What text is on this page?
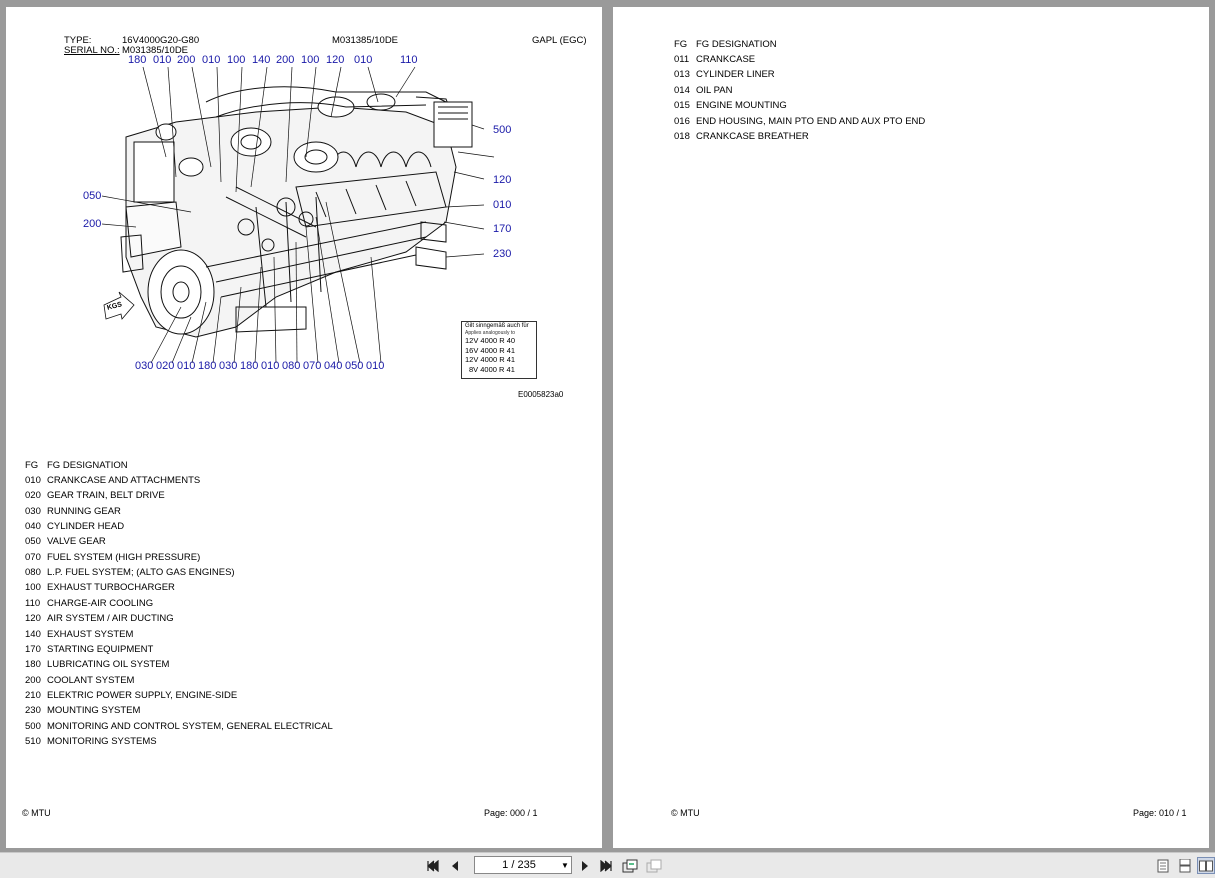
TYPE:	16V4000G20-G80	M031385/10DE	GAPL (EGC)
SERIAL NO.: M031385/10DE
KGS
180 010 200 010 100 140 200 100 120 010	110
500
120
010
170
230
050
200
030 020 010 180 030 180 010 080 070 040 050 010
Gilt sinngemäß auch für
Applies analogously to
12V 4000 R 40
16V 4000 R 41
12V 4000 R 41
8V 4000 R 41
E0005823a0
FG FG DESIGNATION
010 CRANKCASE AND ATTACHMENTS
020 GEAR TRAIN, BELT DRIVE
030 RUNNING GEAR
040 CYLINDER HEAD
050 VALVE GEAR
070 FUEL SYSTEM (HIGH PRESSURE)
080 L.P. FUEL SYSTEM; (ALTO GAS ENGINES)
100 EXHAUST TURBOCHARGER
110 CHARGE-AIR COOLING
120 AIR SYSTEM / AIR DUCTING
140 EXHAUST SYSTEM
170 STARTING EQUIPMENT
180 LUBRICATING OIL SYSTEM
200 COOLANT SYSTEM
210 ELEKTRIC POWER SUPPLY, ENGINE-SIDE
230 MOUNTING SYSTEM
500 MONITORING AND CONTROL SYSTEM, GENERAL ELECTRICAL
510 MONITORING SYSTEMS
© MTU	Page: 000 / 1
FG FG DESIGNATION
011 CRANKCASE
013 CYLINDER LINER
014 OIL PAN
015 ENGINE MOUNTING
016 END HOUSING, MAIN PTO END AND AUX PTO END
018 CRANKCASE BREATHER
© MTU	Page: 010 / 1
1 / 235	▼
